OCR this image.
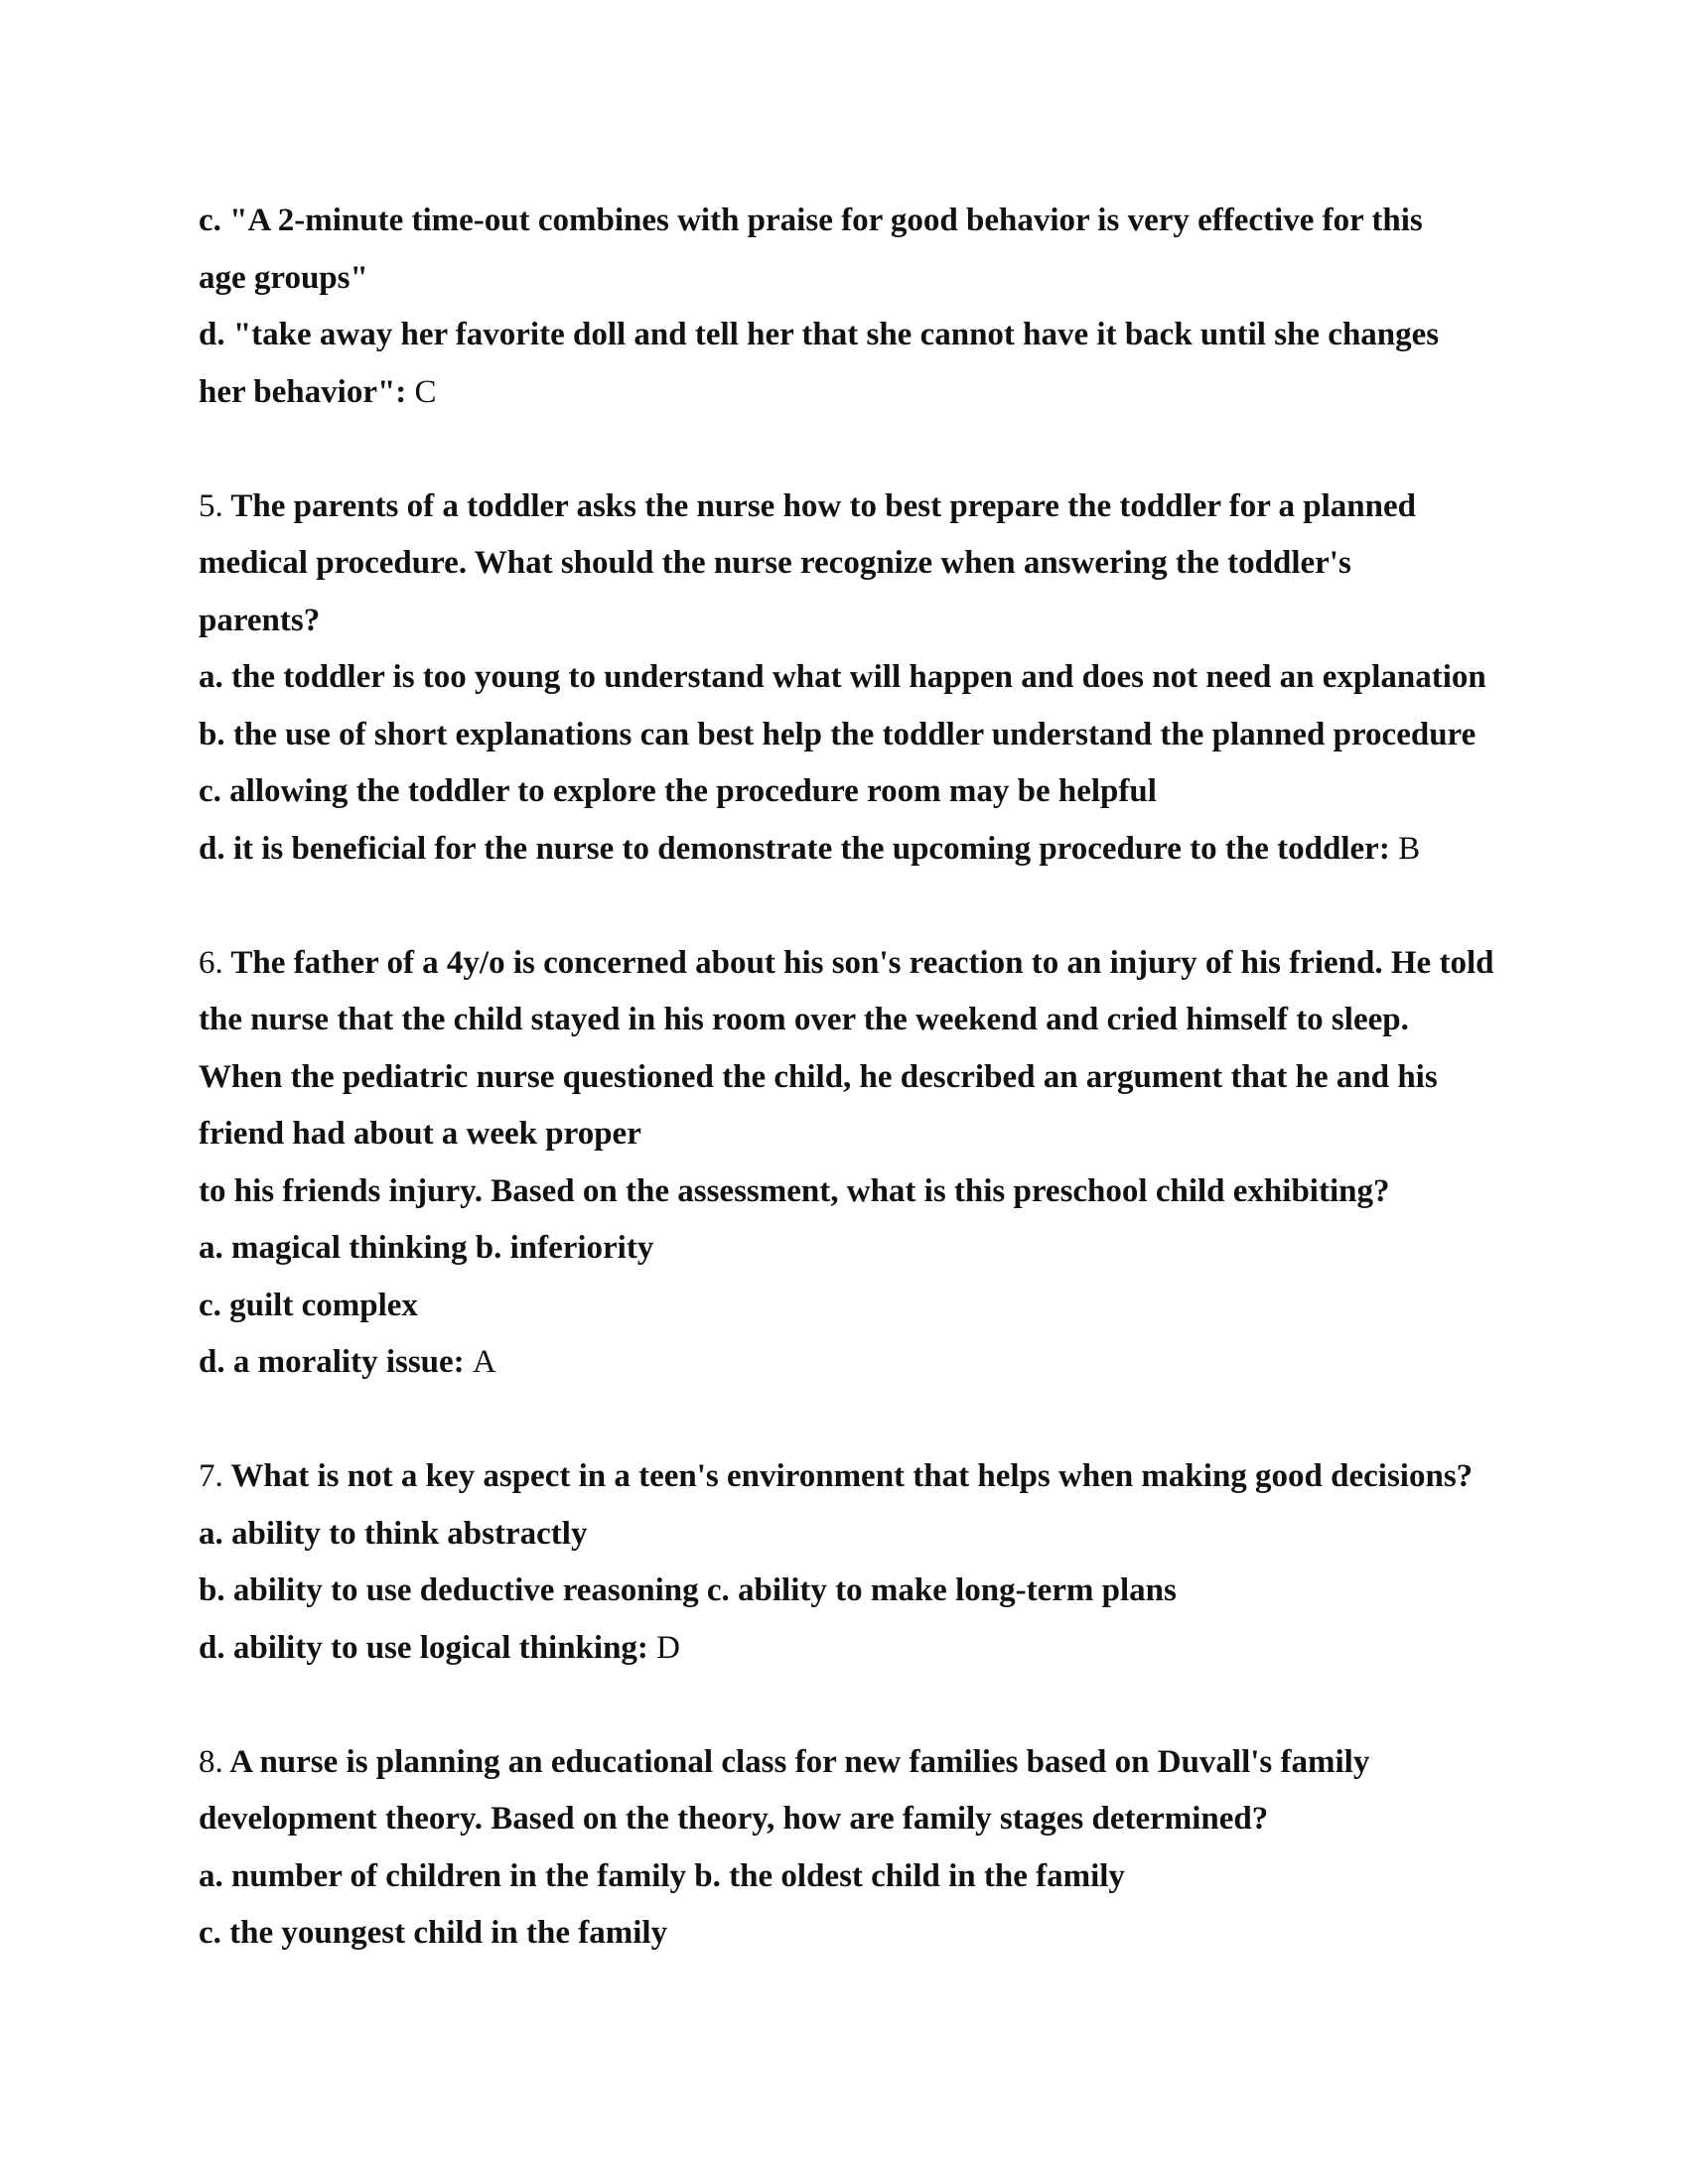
c. "A 2-minute time-out combines with praise for good behavior is very effective for this
age groups"
d. "take away her favorite doll and tell her that she cannot have it back until she changes
her behavior": C
5. The parents of a toddler asks the nurse how to best prepare the toddler for a planned
medical procedure. What should the nurse recognize when answering the toddler's
parents?
a. the toddler is too young to understand what will happen and does not need an explanation
b. the use of short explanations can best help the toddler understand the planned procedure
c. allowing the toddler to explore the procedure room may be helpful
d. it is beneficial for the nurse to demonstrate the upcoming procedure to the toddler: B
6. The father of a 4y/o is concerned about his son's reaction to an injury of his friend. He told
the nurse that the child stayed in his room over the weekend and cried himself to sleep.
When the pediatric nurse questioned the child, he described an argument that he and his
friend had about a week proper
to his friends injury. Based on the assessment, what is this preschool child exhibiting?
a. magical thinking b. inferiority
c. guilt complex
d. a morality issue: A
7. What is not a key aspect in a teen's environment that helps when making good decisions?
a. ability to think abstractly
b. ability to use deductive reasoning c. ability to make long-term plans
d. ability to use logical thinking: D
8. A nurse is planning an educational class for new families based on Duvall's family
development theory. Based on the theory, how are family stages determined?
a. number of children in the family b. the oldest child in the family
c. the youngest child in the family
